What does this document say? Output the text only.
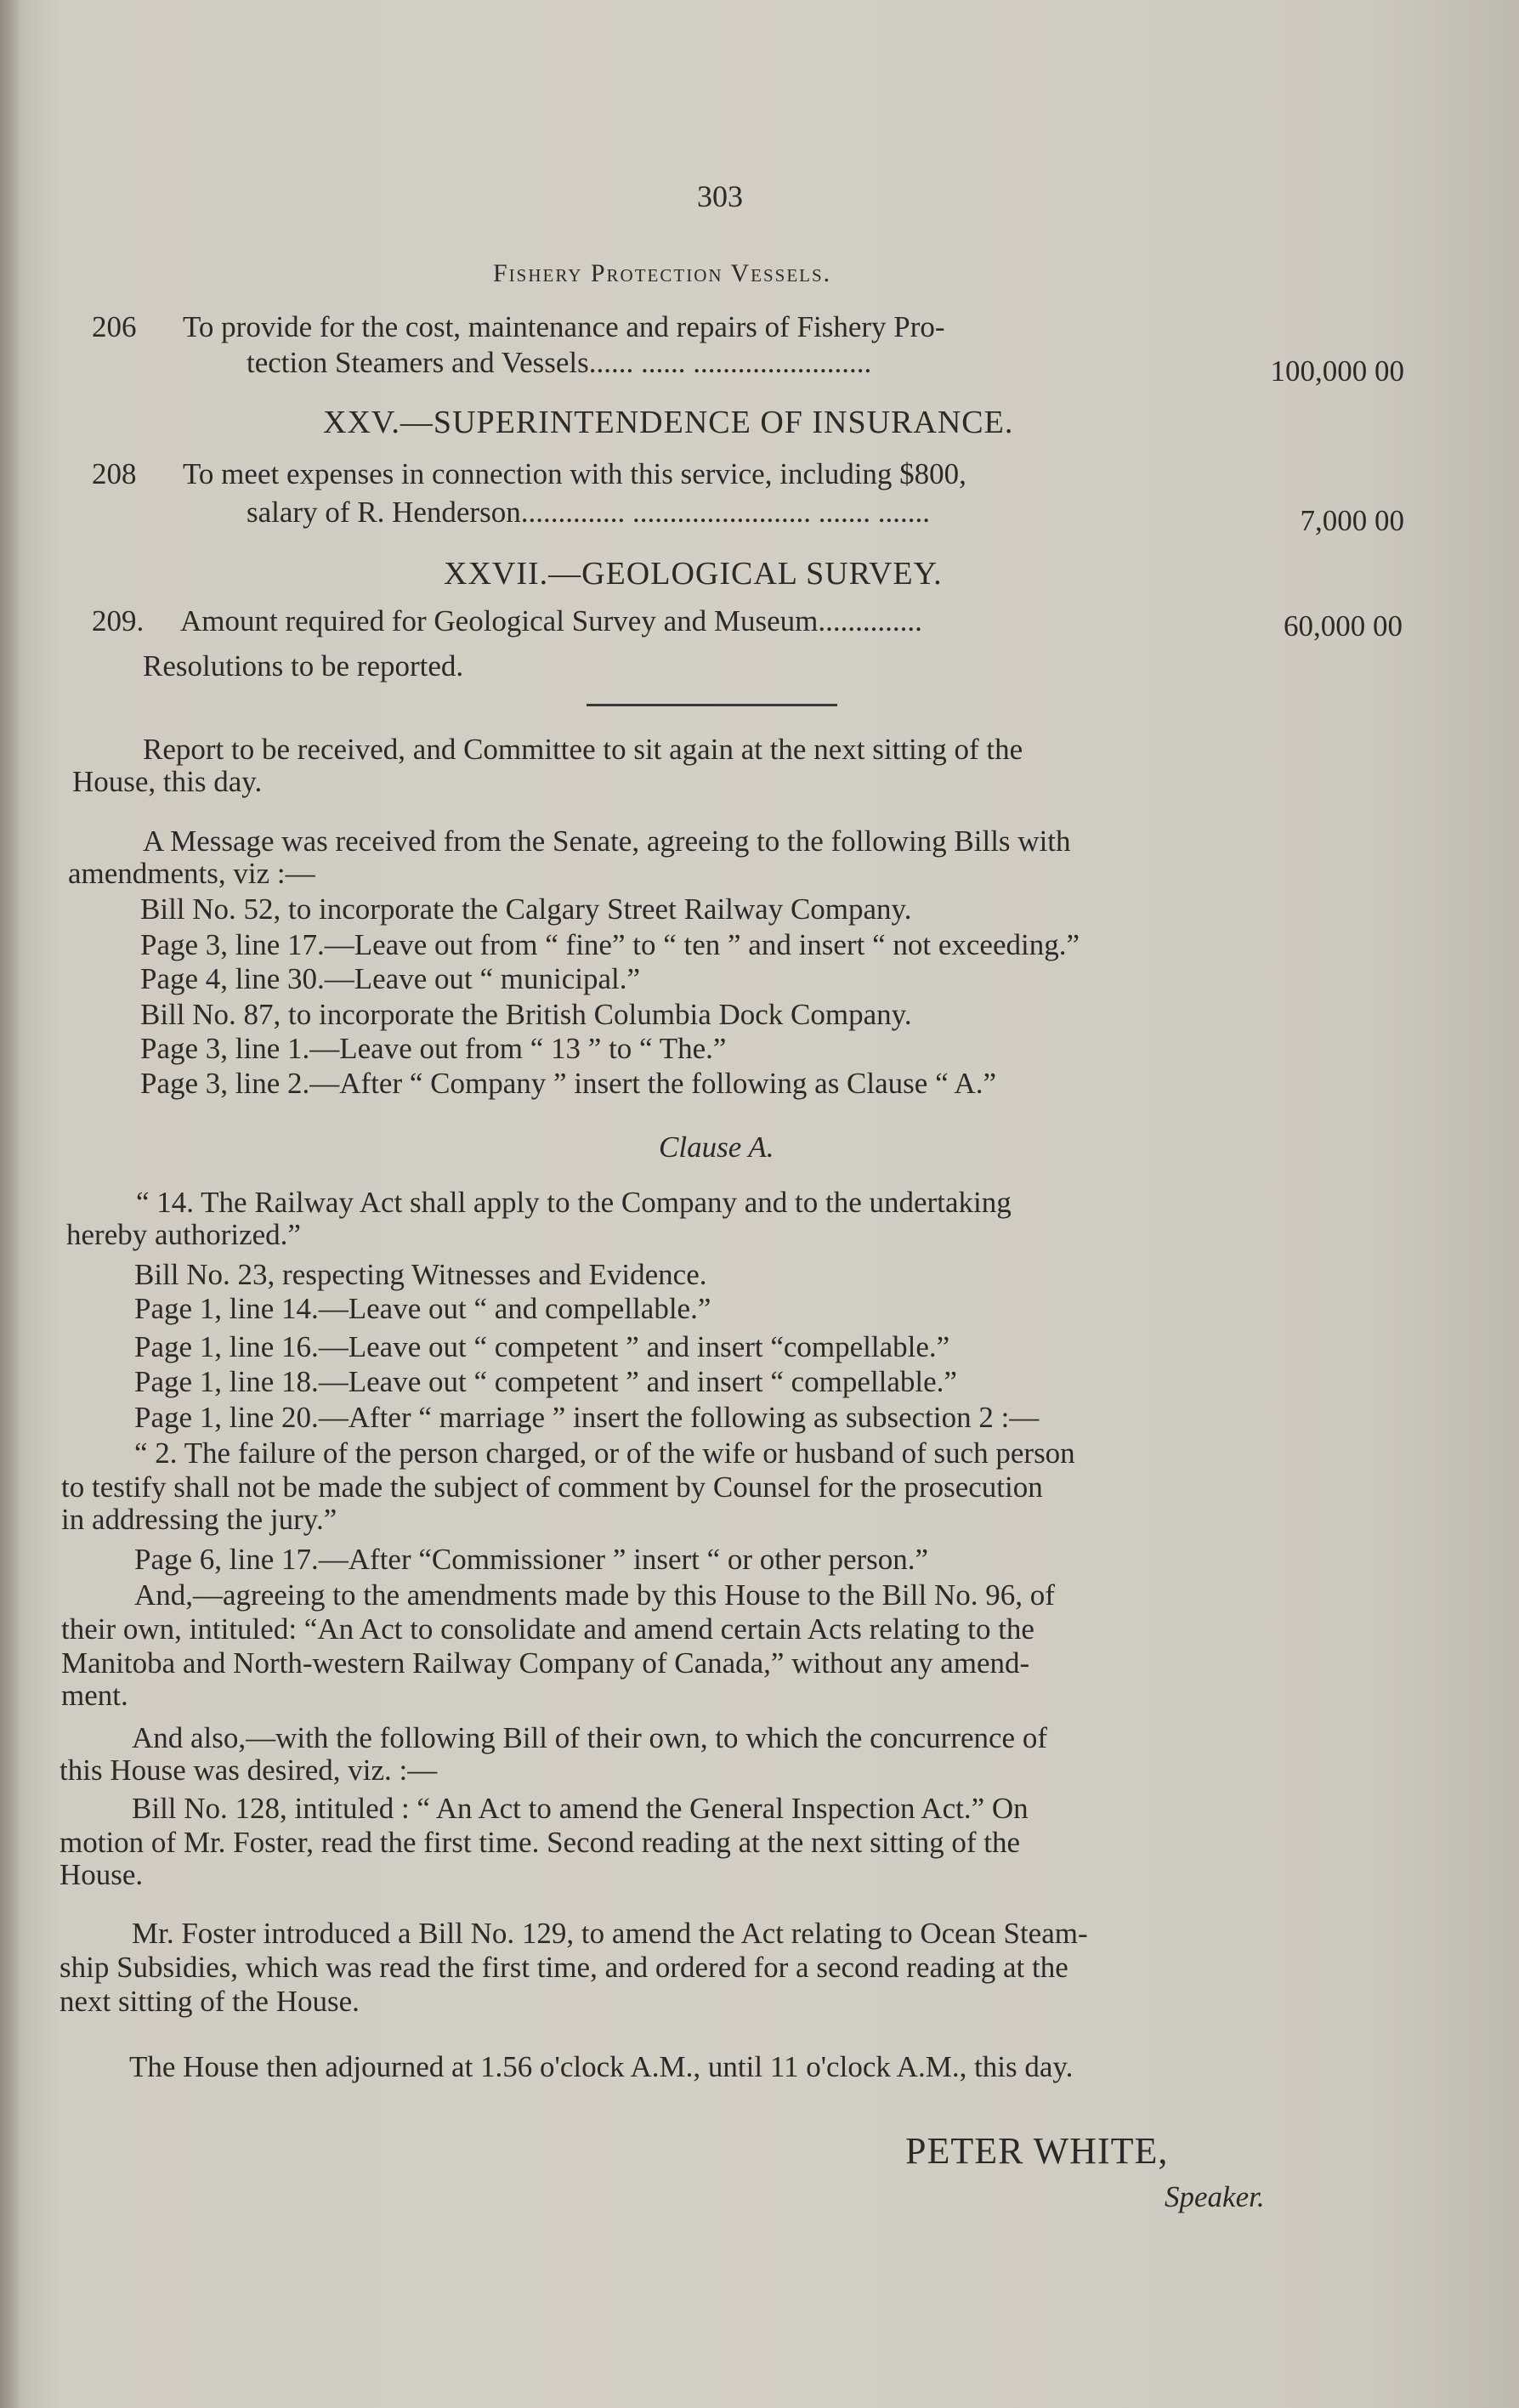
303
Fishery Protection Vessels.
206 To provide for the cost, maintenance and repairs of Fishery Pro-
tection Steamers and Vessels...... ...... ........................	100,000 00
XXV.—SUPERINTENDENCE OF INSURANCE.
208 To meet expenses in connection with this service, including $800,
salary of R. Henderson.............. ........................ ....... .......	7,000 00
XXVII.—GEOLOGICAL SURVEY.
209. Amount required for Geological Survey and Museum..............	60,000 00
Resolutions to be reported.
Report to be received, and Committee to sit again at the next sitting of the
House, this day.
A Message was received from the Senate, agreeing to the following Bills with
amendments, viz :—
Bill No. 52, to incorporate the Calgary Street Railway Company.
Page 3, line 17.—Leave out from “ fine” to “ ten ” and insert “ not exceeding.”
Page 4, line 30.—Leave out “ municipal.”
Bill No. 87, to incorporate the British Columbia Dock Company.
Page 3, line 1.—Leave out from “ 13 ” to “ The.”
Page 3, line 2.—After “ Company ” insert the following as Clause “ A.”
Clause A.
“ 14. The Railway Act shall apply to the Company and to the undertaking
hereby authorized.”
Bill No. 23, respecting Witnesses and Evidence.
Page 1, line 14.—Leave out “ and compellable.”
Page 1, line 16.—Leave out “ competent ” and insert “compellable.”
Page 1, line 18.—Leave out “ competent ” and insert “ compellable.”
Page 1, line 20.—After “ marriage ” insert the following as subsection 2 :—
“ 2. The failure of the person charged, or of the wife or husband of such person
to testify shall not be made the subject of comment by Counsel for the prosecution
in addressing the jury.”
Page 6, line 17.—After “Commissioner ” insert “ or other person.”
And,—agreeing to the amendments made by this House to the Bill No. 96, of
their own, intituled: “An Act to consolidate and amend certain Acts relating to the
Manitoba and North-western Railway Company of Canada,” without any amend-
ment.
And also,—with the following Bill of their own, to which the concurrence of
this House was desired, viz. :—
Bill No. 128, intituled : “ An Act to amend the General Inspection Act.” On
motion of Mr. Foster, read the first time. Second reading at the next sitting of the
House.
Mr. Foster introduced a Bill No. 129, to amend the Act relating to Ocean Steam-
ship Subsidies, which was read the first time, and ordered for a second reading at the
next sitting of the House.
The House then adjourned at 1.56 o'clock A.M., until 11 o'clock A.M., this day.
PETER WHITE,
Speaker.
